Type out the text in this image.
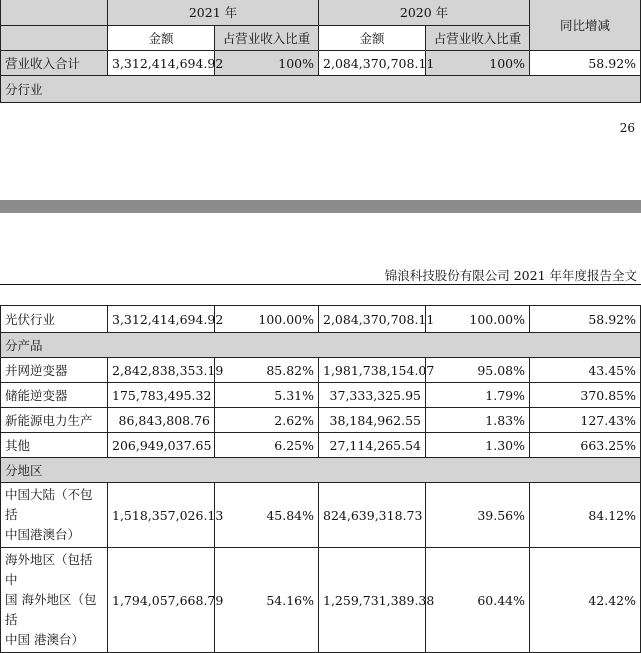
	2021 年		2020 年		同比增减
	金额	占营业收入比重	金额	占营业收入比重	
营业收入合计	3,312,414,694.92	100%	2,084,370,708.11	100%	58.92%
分行业					
26
锦浪科技股份有限公司 2021 年年度报告全文
光伏行业	3,312,414,694.92	100.00%	2,084,370,708.11	100.00%	58.92%
分产品					
并网逆变器	2,842,838,353.19	85.82%	1,981,738,154.07	95.08%	43.45%
储能逆变器	175,783,495.32	5.31%	37,333,325.95	1.79%	370.85%
新能源电力生产	86,843,808.76	2.62%	38,184,962.55	1.83%	127.43%
其他	206,949,037.65	6.25%	27,114,265.54	1.30%	663.25%
分地区					
中国大陆（不包括
中国港澳台）	1,518,357,026.13	45.84%	824,639,318.73	39.56%	84.12%
海外地区（包括中
国 海外地区（包括
中国 港澳台）	1,794,057,668.79	54.16%	1,259,731,389.38	60.44%	42.42%
